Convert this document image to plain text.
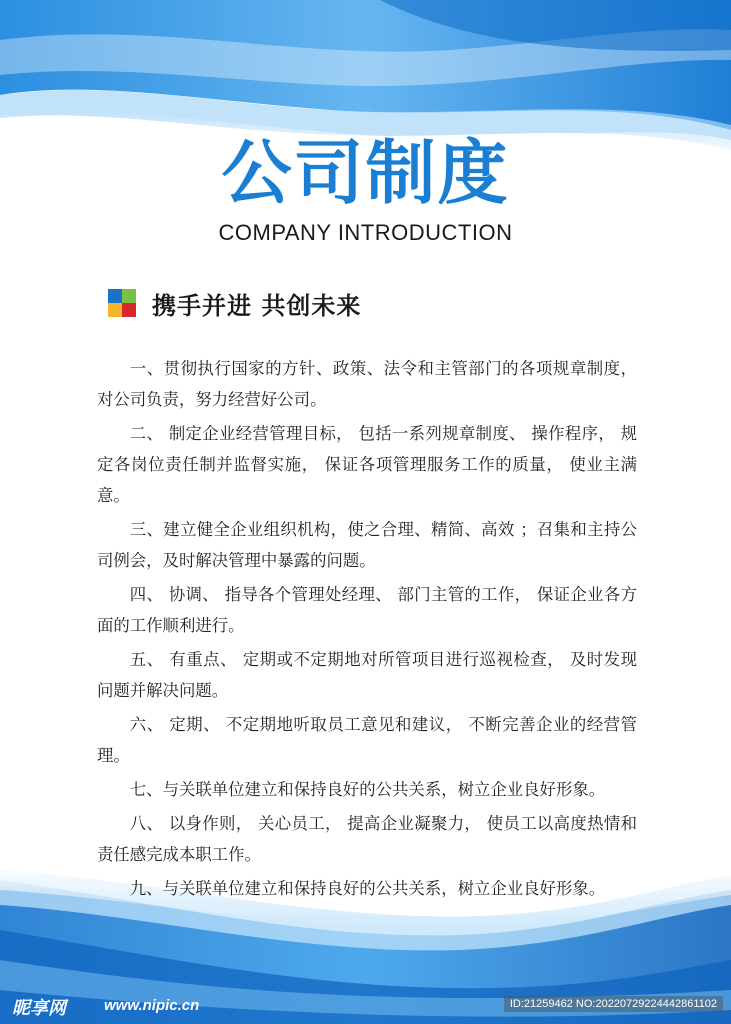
公司制度
COMPANY INTRODUCTION
携手并进 共创未来

一、贯彻执行国家的方针、政策、法令和主管部门的各项规章制度，对公司负责，努力经营好公司。

二、 制定企业经营管理目标， 包括一系列规章制度、 操作程序， 规定各岗位责任制并监督实施， 保证各项管理服务工作的质量， 使业主满意。

三、建立健全企业组织机构，使之合理、精简、高效 ；召集和主持公司例会，及时解决管理中暴露的问题。

四、 协调、 指导各个管理处经理、 部门主管的工作， 保证企业各方面的工作顺利进行。

五、 有重点、 定期或不定期地对所管项目进行巡视检查， 及时发现问题并解决问题。

六、 定期、 不定期地听取员工意见和建议， 不断完善企业的经营管理。

七、与关联单位建立和保持良好的公共关系，树立企业良好形象。

八、 以身作则， 关心员工， 提高企业凝聚力， 使员工以高度热情和责任感完成本职工作。

九、与关联单位建立和保持良好的公共关系，树立企业良好形象。

昵享网	www.nipic.cn	ID:21259462 NO:20220729224442861102
